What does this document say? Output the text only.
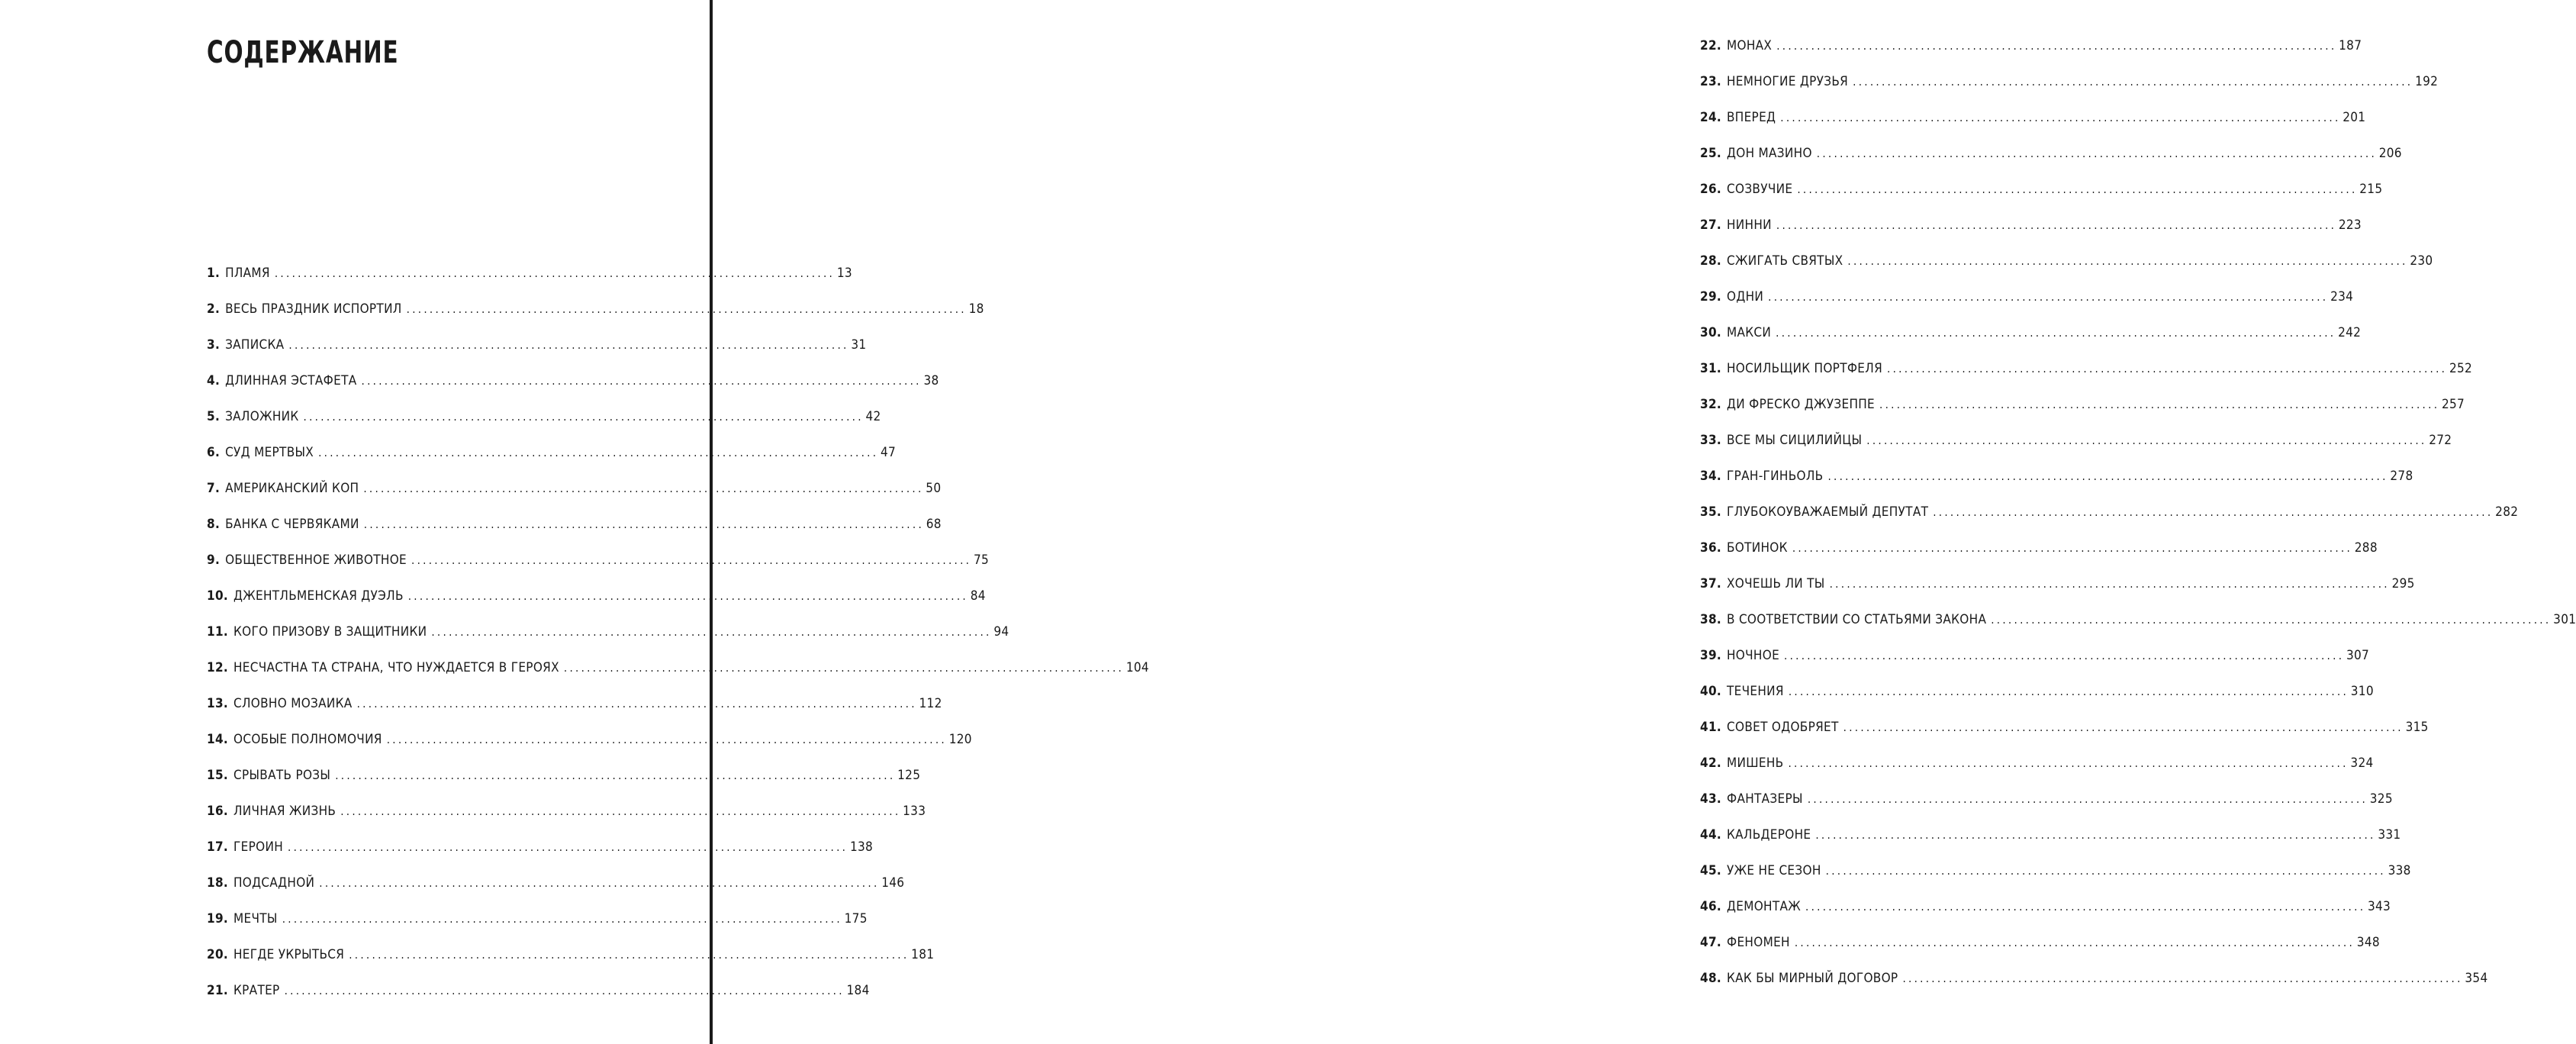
СОДЕРЖАНИЕ
1. ПЛАМЯ . . .	13
2. ВЕСЬ ПРАЗДНИК ИСПОРТИЛ . . .	18
3. ЗАПИСКА . . .	31
4. ДЛИННАЯ ЭСТАФЕТА . . .	38
5. ЗАЛОЖНИК . . .	42
6. СУД МЕРТВЫХ . . .	47
7. АМЕРИКАНСКИЙ КОП . . .	50
8. БАНКА С ЧЕРВЯКАМИ . . .	68
9. ОБЩЕСТВЕННОЕ ЖИВОТНОЕ . . .	75
10. ДЖЕНТЛЬМЕНСКАЯ ДУЭЛЬ . . .	84
11. КОГО ПРИЗОВУ В ЗАЩИТНИКИ . . .	94
12. НЕСЧАСТНА ТА СТРАНА, ЧТО НУЖДАЕТСЯ В ГЕРОЯХ . . .	104
13. СЛОВНО МОЗАИКА . . .	112
14. ОСОБЫЕ ПОЛНОМОЧИЯ . . .	120
15. СРЫВАТЬ РОЗЫ . . .	125
16. ЛИЧНАЯ ЖИЗНЬ . . .	133
17. ГЕРОИН . . .	138
18. ПОДСАДНОЙ . . .	146
19. МЕЧТЫ . . .	175
20. НЕГДЕ УКРЫТЬСЯ . . .	181
21. КРАТЕР . . .	184
22. МОНАХ . . .	187
23. НЕМНОГИЕ ДРУЗЬЯ . . .	192
24. ВПЕРЕД . . .	201
25. ДОН МАЗИНО . . .	206
26. СОЗВУЧИЕ . . .	215
27. НИННИ . . .	223
28. СЖИГАТЬ СВЯТЫХ . . .	230
29. ОДНИ . . .	234
30. МАКСИ . . .	242
31. НОСИЛЬЩИК ПОРТФЕЛЯ . . .	252
32. ДИ ФРЕСКО ДЖУЗЕППЕ . . .	257
33. ВСЕ МЫ СИЦИЛИЙЦЫ . . .	272
34. ГРАН-ГИНЬОЛЬ . . .	278
35. ГЛУБОКОУВАЖАЕМЫЙ ДЕПУТАТ . . .	282
36. БОТИНОК . . .	288
37. ХОЧЕШЬ ЛИ ТЫ . . .	295
38. В СООТВЕТСТВИИ СО СТАТЬЯМИ ЗАКОНА . . .	301
39. НОЧНОЕ . . .	307
40. ТЕЧЕНИЯ . . .	310
41. СОВЕТ ОДОБРЯЕТ . . .	315
42. МИШЕНЬ . . .	324
43. ФАНТАЗЕРЫ . . .	325
44. КАЛЬДЕРОНЕ . . .	331
45. УЖЕ НЕ СЕЗОН . . .	338
46. ДЕМОНТАЖ . . .	343
47. ФЕНОМЕН . . .	348
48. КАК БЫ МИРНЫЙ ДОГОВОР . . .	354
